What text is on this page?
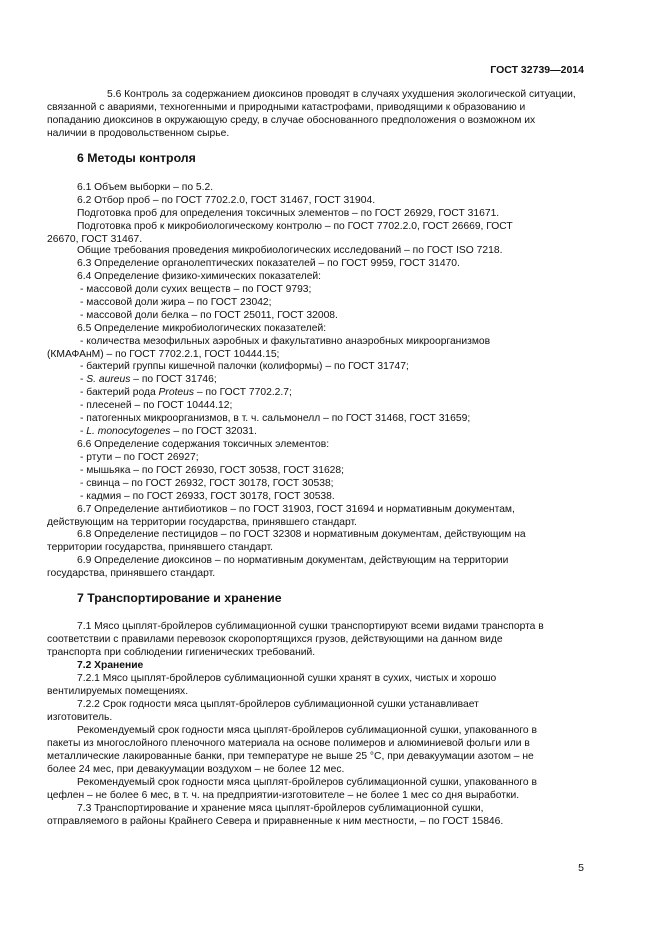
ГОСТ 32739—2014
5.6 Контроль за содержанием диоксинов проводят в случаях ухудшения экологической ситуации,
связанной с авариями, техногенными и природными катастрофами, приводящими к образованию и
попаданию диоксинов в окружающую среду, в случае обоснованного предположения о возможном их
наличии в продовольственном сырье.
6 Методы контроля
6.1 Объем выборки – по 5.2.
6.2 Отбор проб – по ГОСТ 7702.2.0, ГОСТ 31467, ГОСТ 31904.
Подготовка проб для определения токсичных элементов – по ГОСТ 26929, ГОСТ 31671.
Подготовка проб к микробиологическому контролю – по ГОСТ 7702.2.0, ГОСТ 26669, ГОСТ
26670, ГОСТ 31467.
Общие требования проведения микробиологических исследований – по ГОСТ ISO 7218.
6.3 Определение органолептических показателей – по ГОСТ 9959, ГОСТ 31470.
6.4 Определение физико-химических показателей:
- массовой доли сухих веществ – по ГОСТ 9793;
- массовой доли жира – по ГОСТ 23042;
- массовой доли белка – по ГОСТ 25011, ГОСТ 32008.
6.5 Определение микробиологических показателей:
- количества мезофильных аэробных и факультативно анаэробных микроорганизмов
(КМАФАнМ) – по ГОСТ 7702.2.1, ГОСТ 10444.15;
- бактерий группы кишечной палочки (колиформы) – по ГОСТ 31747;
- S. aureus – по ГОСТ 31746;
- бактерий рода Proteus – по ГОСТ 7702.2.7;
- плесеней – по ГОСТ 10444.12;
- патогенных микроорганизмов, в т. ч. сальмонелл – по ГОСТ 31468, ГОСТ 31659;
- L. monocytogenes – по ГОСТ 32031.
6.6 Определение содержания токсичных элементов:
- ртути – по ГОСТ 26927;
- мышьяка – по ГОСТ 26930, ГОСТ 30538, ГОСТ 31628;
- свинца – по ГОСТ 26932, ГОСТ 30178, ГОСТ 30538;
- кадмия – по ГОСТ 26933, ГОСТ 30178, ГОСТ 30538.
6.7 Определение антибиотиков – по ГОСТ 31903, ГОСТ 31694 и нормативным документам,
действующим на территории государства, принявшего стандарт.
6.8 Определение пестицидов – по ГОСТ 32308 и нормативным документам, действующим на
территории государства, принявшего стандарт.
6.9 Определение диоксинов – по нормативным документам, действующим на территории
государства, принявшего стандарт.
7 Транспортирование и хранение
7.1 Мясо цыплят-бройлеров сублимационной сушки транспортируют всеми видами транспорта в
соответствии с правилами перевозок скоропортящихся грузов, действующими на данном виде
транспорта при соблюдении гигиенических требований.
7.2 Хранение
7.2.1 Мясо цыплят-бройлеров сублимационной сушки хранят в сухих, чистых и хорошо
вентилируемых помещениях.
7.2.2 Срок годности мяса цыплят-бройлеров сублимационной сушки устанавливает
изготовитель.
Рекомендуемый срок годности мяса цыплят-бройлеров сублимационной сушки, упакованного в
пакеты из многослойного пленочного материала на основе полимеров и алюминиевой фольги или в
металлические лакированные банки, при температуре не выше 25 °С, при девакуумации азотом – не
более 24 мес, при девакуумации воздухом – не более 12 мес.
Рекомендуемый срок годности мяса цыплят-бройлеров сублимационной сушки, упакованного в
цефлен – не более 6 мес, в т. ч. на предприятии-изготовителе – не более 1 мес со дня выработки.
7.3 Транспортирование и хранение мяса цыплят-бройлеров сублимационной сушки,
отправляемого в районы Крайнего Севера и приравненные к ним местности, – по ГОСТ 15846.
5
